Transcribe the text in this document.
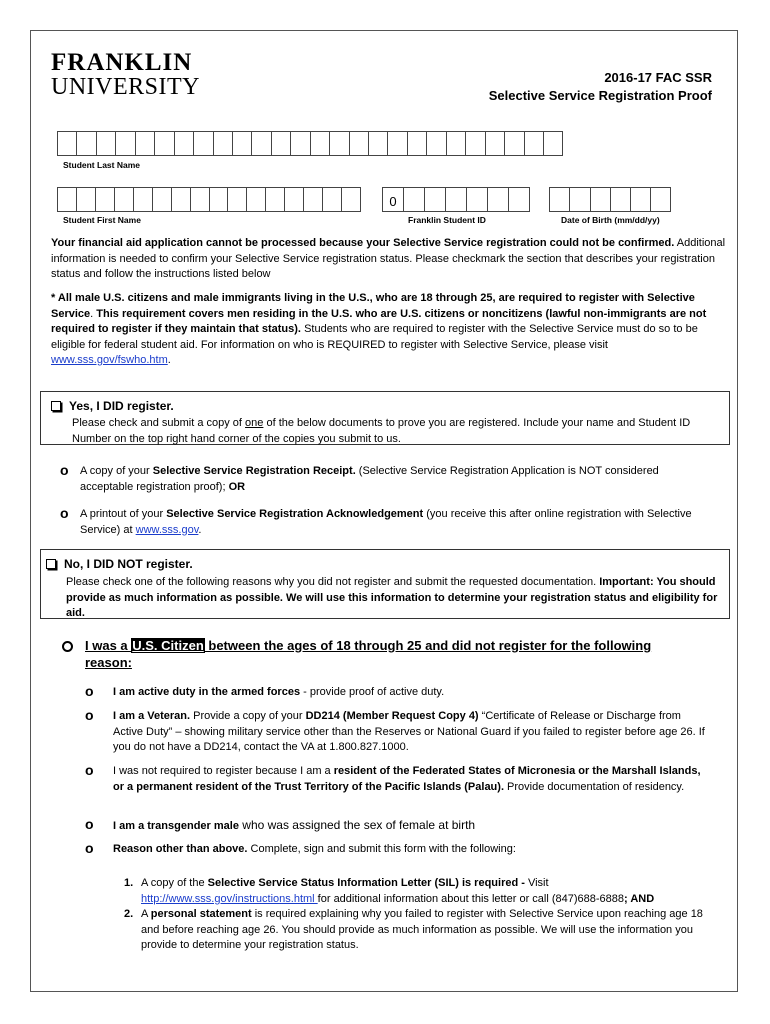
FRANKLIN
UNIVERSITY	2016-17 FAC SSR
Selective Service Registration Proof
Student Last Name
0
Student First Name	Franklin Student ID	Date of Birth (mm/dd/yy)
Your financial aid application cannot be processed because your Selective Service registration could not be confirmed. Additional information is needed to confirm your Selective Service registration status. Please checkmark the section that describes your registration status and follow the instructions listed below
* All male U.S. citizens and male immigrants living in the U.S., who are 18 through 25, are required to register with Selective Service. This requirement covers men residing in the U.S. who are U.S. citizens or noncitizens (lawful non-immigrants are not required to register if they maintain that status). Students who are required to register with the Selective Service must do so to be eligible for federal student aid. For information on who is REQUIRED to register with Selective Service, please visit www.sss.gov/fswho.htm.
Yes, I DID register.
Please check and submit a copy of one of the below documents to prove you are registered. Include your name and Student ID Number on the top right hand corner of the copies you submit to us.
o A copy of your Selective Service Registration Receipt. (Selective Service Registration Application is NOT considered acceptable registration proof); OR
o A printout of your Selective Service Registration Acknowledgement (you receive this after online registration with Selective Service) at www.sss.gov.
No, I DID NOT register.
Please check one of the following reasons why you did not register and submit the requested documentation. Important: You should provide as much information as possible. We will use this information to determine your registration status and eligibility for aid.
I was a U.S. Citizen between the ages of 18 through 25 and did not register for the following reason:
o I am active duty in the armed forces - provide proof of active duty.
o I am a Veteran. Provide a copy of your DD214 (Member Request Copy 4) “Certificate of Release or Discharge from Active Duty” – showing military service other than the Reserves or National Guard if you failed to register before age 26. If you do not have a DD214, contact the VA at 1.800.827.1000.
o I was not required to register because I am a resident of the Federated States of Micronesia or the Marshall Islands, or a permanent resident of the Trust Territory of the Pacific Islands (Palau). Provide documentation of residency.
o I am a transgender male who was assigned the sex of female at birth
o Reason other than above. Complete, sign and submit this form with the following:
1. A copy of the Selective Service Status Information Letter (SIL) is required - Visit
http://www.sss.gov/instructions.html for additional information about this letter or call (847)688-6888; AND
2. A personal statement is required explaining why you failed to register with Selective Service upon reaching age 18 and before reaching age 26. You should provide as much information as possible. We will use the information you provide to determine your registration status.
